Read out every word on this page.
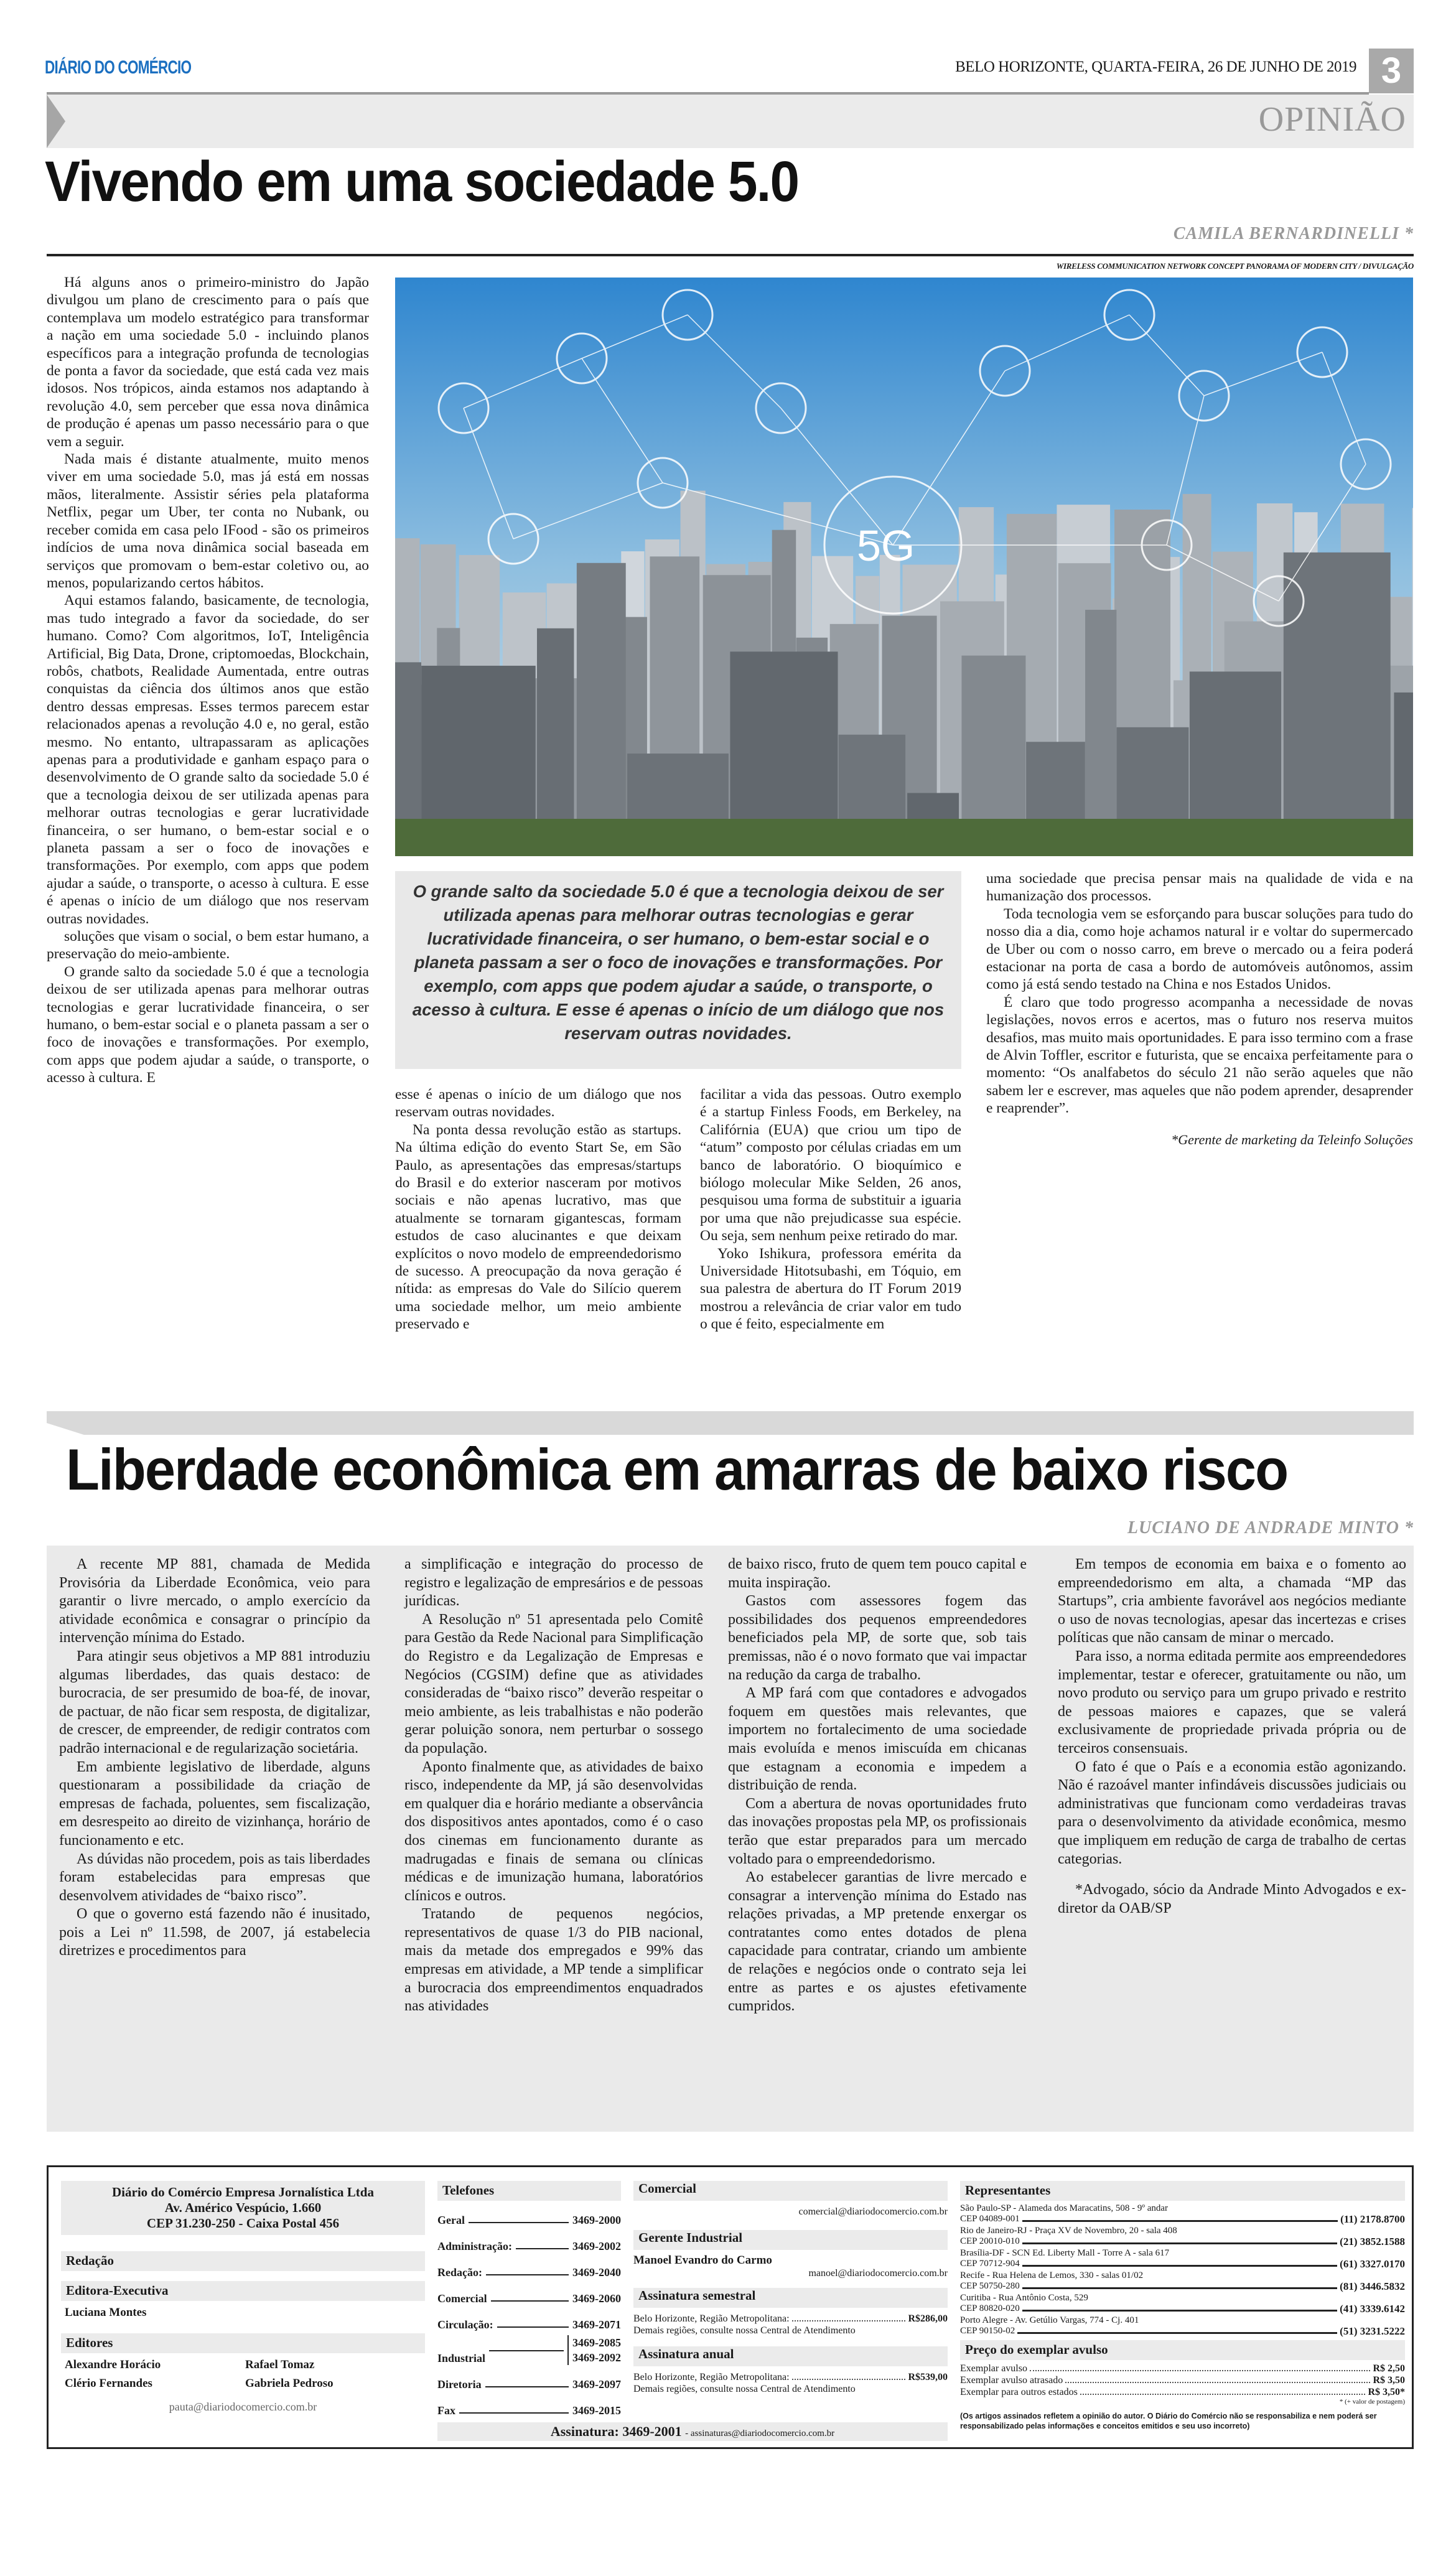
DIÁRIO DO COMÉRCIO	BELO HORIZONTE, QUARTA-FEIRA, 26 DE JUNHO DE 2019 3
OPINIÃO
Vivendo em uma sociedade 5.0
CAMILA BERNARDINELLI *
WIRELESS COMMUNICATION NETWORK CONCEPT PANORAMA OF MODERN CITY / DIVULGAÇÃO
5G

Há alguns anos o primeiro-ministro do Japão divulgou um plano de crescimento para o país que contemplava um modelo estratégico para transformar a nação em uma sociedade 5.0 - incluindo planos específicos para a integração profunda de tecnologias de ponta a favor da sociedade, que está cada vez mais idosos. Nos trópicos, ainda estamos nos adaptando à revolução 4.0, sem perceber que essa nova dinâmica de produção é apenas um passo necessário para o que vem a seguir.

Nada mais é distante atualmente, muito menos viver em uma sociedade 5.0, mas já está em nossas mãos, literalmente. Assistir séries pela plataforma Netflix, pegar um Uber, ter conta no Nubank, ou receber comida em casa pelo IFood - são os primeiros indícios de uma nova dinâmica social baseada em serviços que promovam o bem-estar coletivo ou, ao menos, popularizando certos hábitos.

Aqui estamos falando, basicamente, de tecnologia, mas tudo integrado a favor da sociedade, do ser humano. Como? Com algoritmos, IoT, Inteligência Artificial, Big Data, Drone, criptomoedas, Blockchain, robôs, chatbots, Realidade Aumentada, entre outras conquistas da ciência dos últimos anos que estão dentro dessas empresas. Esses termos parecem estar relacionados apenas a revolução 4.0 e, no geral, estão mesmo. No entanto, ultrapassaram as aplicações apenas para a produtividade e ganham espaço para o desenvolvimento de O grande salto da sociedade 5.0 é que a tecnologia deixou de ser utilizada apenas para melhorar outras tecnologias e gerar lucratividade financeira, o ser humano, o bem-estar social e o planeta passam a ser o foco de inovações e transformações. Por exemplo, com apps que podem ajudar a saúde, o transporte, o acesso à cultura. E esse é apenas o início de um diálogo que nos reservam outras novidades.

soluções que visam o social, o bem estar humano, a preservação do meio-ambiente.

O grande salto da sociedade 5.0 é que a tecnologia deixou de ser utilizada apenas para melhorar outras tecnologias e gerar lucratividade financeira, o ser humano, o bem-estar social e o planeta passam a ser o foco de inovações e transformações. Por exemplo, com apps que podem ajudar a saúde, o transporte, o acesso à cultura. E

O grande salto da sociedade 5.0 é que a tecnologia deixou de ser utilizada apenas para melhorar outras tecnologias e gerar lucratividade financeira, o ser humano, o bem-estar social e o planeta passam a ser o foco de inovações e transformações. Por exemplo, com apps que podem ajudar a saúde, o transporte, o acesso à cultura. E esse é apenas o início de um diálogo que nos reservam outras novidades.

esse é apenas o início de um diálogo que nos reservam outras novidades.

Na ponta dessa revolução estão as startups. Na última edição do evento Start Se, em São Paulo, as apresentações das empresas/startups do Brasil e do exterior nasceram por motivos sociais e não apenas lucrativo, mas que atualmente se tornaram gigantescas, formam estudos de caso alucinantes e que deixam explícitos o novo modelo de empreendedorismo de sucesso. A preocupação da nova geração é nítida: as empresas do Vale do Silício querem uma sociedade melhor, um meio ambiente preservado e

facilitar a vida das pessoas. Outro exemplo é a startup Finless Foods, em Berkeley, na Califórnia (EUA) que criou um tipo de “atum” composto por células criadas em um banco de laboratório. O bioquímico e biólogo molecular Mike Selden, 26 anos, pesquisou uma forma de substituir a iguaria por uma que não prejudicasse sua espécie. Ou seja, sem nenhum peixe retirado do mar.

Yoko Ishikura, professora emérita da Universidade Hitotsubashi, em Tóquio, em sua palestra de abertura do IT Forum 2019 mostrou a relevância de criar valor em tudo o que é feito, especialmente em

uma sociedade que precisa pensar mais na qualidade de vida e na humanização dos processos.

Toda tecnologia vem se esforçando para buscar soluções para tudo do nosso dia a dia, como hoje achamos natural ir e voltar do supermercado de Uber ou com o nosso carro, em breve o mercado ou a feira poderá estacionar na porta de casa a bordo de automóveis autônomos, assim como já está sendo testado na China e nos Estados Unidos.

É claro que todo progresso acompanha a necessidade de novas legislações, novos erros e acertos, mas o futuro nos reserva muitos desafios, mas muito mais oportunidades. E para isso termino com a frase de Alvin Toffler, escritor e futurista, que se encaixa perfeitamente para o momento: “Os analfabetos do século 21 não serão aqueles que não sabem ler e escrever, mas aqueles que não podem aprender, desaprender e reaprender”.

*Gerente de marketing da Teleinfo Soluções
Liberdade econômica em amarras de baixo risco
LUCIANO DE ANDRADE MINTO *

A recente MP 881, chamada de Medida Provisória da Liberdade Econômica, veio para garantir o livre mercado, o amplo exercício da atividade econômica e consagrar o princípio da intervenção mínima do Estado.

Para atingir seus objetivos a MP 881 introduziu algumas liberdades, das quais destaco: de burocracia, de ser presumido de boa-fé, de inovar, de pactuar, de não ficar sem resposta, de digitalizar, de crescer, de empreender, de redigir contratos com padrão internacional e de regularização societária.

Em ambiente legislativo de liberdade, alguns questionaram a possibilidade da criação de empresas de fachada, poluentes, sem fiscalização, em desrespeito ao direito de vizinhança, horário de funcionamento e etc.

As dúvidas não procedem, pois as tais liberdades foram estabelecidas para empresas que desenvolvem atividades de “baixo risco”.

O que o governo está fazendo não é inusitado, pois a Lei nº 11.598, de 2007, já estabelecia diretrizes e procedimentos para

a simplificação e integração do processo de registro e legalização de empresários e de pessoas jurídicas.

A Resolução nº 51 apresentada pelo Comitê para Gestão da Rede Nacional para Simplificação do Registro e da Legalização de Empresas e Negócios (CGSIM) define que as atividades consideradas de “baixo risco” deverão respeitar o meio ambiente, as leis trabalhistas e não poderão gerar poluição sonora, nem perturbar o sossego da população.

Aponto finalmente que, as atividades de baixo risco, independente da MP, já são desenvolvidas em qualquer dia e horário mediante a observância dos dispositivos antes apontados, como é o caso dos cinemas em funcionamento durante as madrugadas e finais de semana ou clínicas médicas e de imunização humana, laboratórios clínicos e outros.

Tratando de pequenos negócios, representativos de quase 1/3 do PIB nacional, mais da metade dos empregados e 99% das empresas em atividade, a MP tende a simplificar a burocracia dos empreendimentos enquadrados nas atividades

de baixo risco, fruto de quem tem pouco capital e muita inspiração.

Gastos com assessores fogem das possibilidades dos pequenos empreendedores beneficiados pela MP, de sorte que, sob tais premissas, não é o novo formato que vai impactar na redução da carga de trabalho.

A MP fará com que contadores e advogados foquem em questões mais relevantes, que importem no fortalecimento de uma sociedade mais evoluída e menos imiscuída em chicanas que estagnam a economia e impedem a distribuição de renda.

Com a abertura de novas oportunidades fruto das inovações propostas pela MP, os profissionais terão que estar preparados para um mercado voltado para o empreendedorismo.

Ao estabelecer garantias de livre mercado e consagrar a intervenção mínima do Estado nas relações privadas, a MP pretende enxergar os contratantes como entes dotados de plena capacidade para contratar, criando um ambiente de relações e negócios onde o contrato seja lei entre as partes e os ajustes efetivamente cumpridos.

Em tempos de economia em baixa e o fomento ao empreendedorismo em alta, a chamada “MP das Startups”, cria ambiente favorável aos negócios mediante o uso de novas tecnologias, apesar das incertezas e crises políticas que não cansam de minar o mercado.

Para isso, a norma editada permite aos empreendedores implementar, testar e oferecer, gratuitamente ou não, um novo produto ou serviço para um grupo privado e restrito de pessoas maiores e capazes, que se valerá exclusivamente de propriedade privada própria ou de terceiros consensuais.

O fato é que o País e a economia estão agonizando. Não é razoável manter infindáveis discussões judiciais ou administrativas que funcionam como verdadeiras travas para o desenvolvimento da atividade econômica, mesmo que impliquem em redução de carga de trabalho de certas categorias.

*Advogado, sócio da Andrade Minto Advogados e ex-diretor da OAB/SP

Diário do Comércio Empresa Jornalística Ltda
Av. Américo Vespúcio, 1.660
CEP 31.230-250 - Caixa Postal 456
Redação
Editora-Executiva
Luciana Montes
Editores
Alexandre Horácio	Rafael Tomaz
Clério Fernandes	Gabriela Pedroso
pauta@diariodocomercio.com.br
Telefones
Geral	3469-2000
Administração:	3469-2002
Redação:	3469-2040
Comercial	3469-2060
Circulação:	3469-2071
Industrial
3469-2085
3469-2092
Diretoria	3469-2097
Fax	3469-2015
Assinatura: 3469-2001 - assinaturas@diariodocomercio.com.br
Comercial
comercial@diariodocomercio.com.br
Gerente Industrial
Manoel Evandro do Carmo
manoel@diariodocomercio.com.br
Assinatura semestral
Belo Horizonte, Região Metropolitana:	R$286,00
Demais regiões, consulte nossa Central de Atendimento
Assinatura anual
Belo Horizonte, Região Metropolitana:	R$539,00
Demais regiões, consulte nossa Central de Atendimento
Representantes
São Paulo-SP - Alameda dos Maracatins, 508 - 9º andar
CEP 04089-001	(11) 2178.8700
Rio de Janeiro-RJ - Praça XV de Novembro, 20 - sala 408
CEP 20010-010	(21) 3852.1588
Brasília-DF - SCN Ed. Liberty Mall - Torre A - sala 617
CEP 70712-904	(61) 3327.0170
Recife - Rua Helena de Lemos, 330 - salas 01/02
CEP 50750-280	(81) 3446.5832
Curitiba - Rua Antônio Costa, 529
CEP 80820-020	(41) 3339.6142
Porto Alegre - Av. Getúlio Vargas, 774 - Cj. 401
CEP 90150-02	(51) 3231.5222
Preço do exemplar avulso
Exemplar avulso	R$ 2,50
Exemplar avulso atrasado	R$ 3,50
Exemplar para outros estados	R$ 3,50*
* (+ valor de postagem)
(Os artigos assinados refletem a opinião do autor. O Diário do Comércio não se responsabiliza e nem poderá ser responsabilizado pelas informações e conceitos emitidos e seu uso incorreto)
